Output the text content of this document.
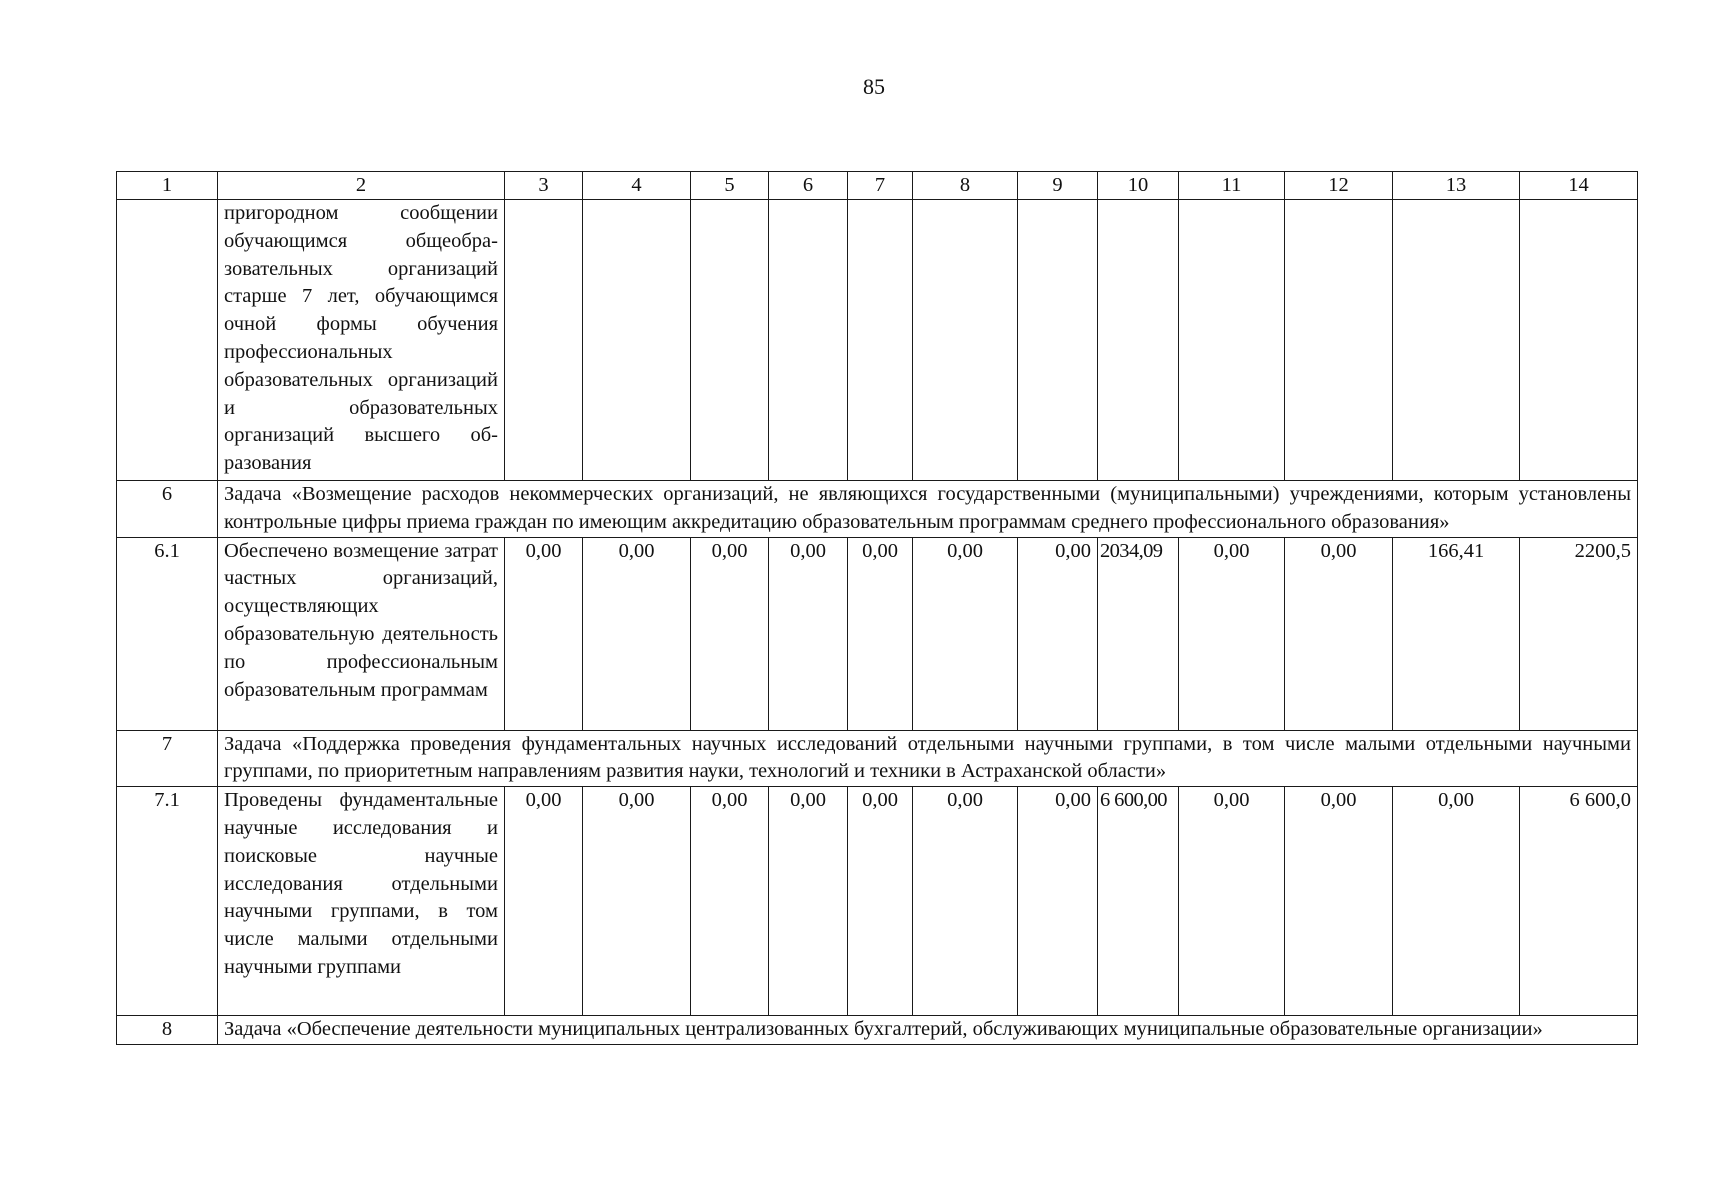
85
1	2	3	4	5	6	7	8	9	10	11	12	13	14
	пригородном сообщении обучающимся общеобразовательных организаций старше 7 лет, обучающимся очной формы обучения профессиональных образовательных организаций и образовательных организаций высшего образования												
6	Задача «Возмещение расходов некоммерческих организаций, не являющихся государственными (муниципальными) учреждениями, которым установлены контрольные цифры приема граждан по имеющим аккредитацию образовательным программам среднего профессионального образования»												
6.1	Обеспечено возмещение затрат частных организаций, осуществляющих образовательную деятельность по профессиональным образовательным программам	0,00	0,00	0,00	0,00	0,00	0,00	0,00	2034,09	0,00	0,00	166,41	2200,5
7	Задача «Поддержка проведения фундаментальных научных исследований отдельными научными группами, в том числе малыми отдельными научными группами, по приоритетным направлениям развития науки, технологий и техники в Астраханской области»												
7.1	Проведены фундаментальные научные исследования и поисковые научные исследования отдельными научными группами, в том числе малыми отдельными научными группами	0,00	0,00	0,00	0,00	0,00	0,00	0,00	6 600,00	0,00	0,00	0,00	6 600,0
8	Задача «Обеспечение деятельности муниципальных централизованных бухгалтерий, обслуживающих муниципальные образовательные организации»												
